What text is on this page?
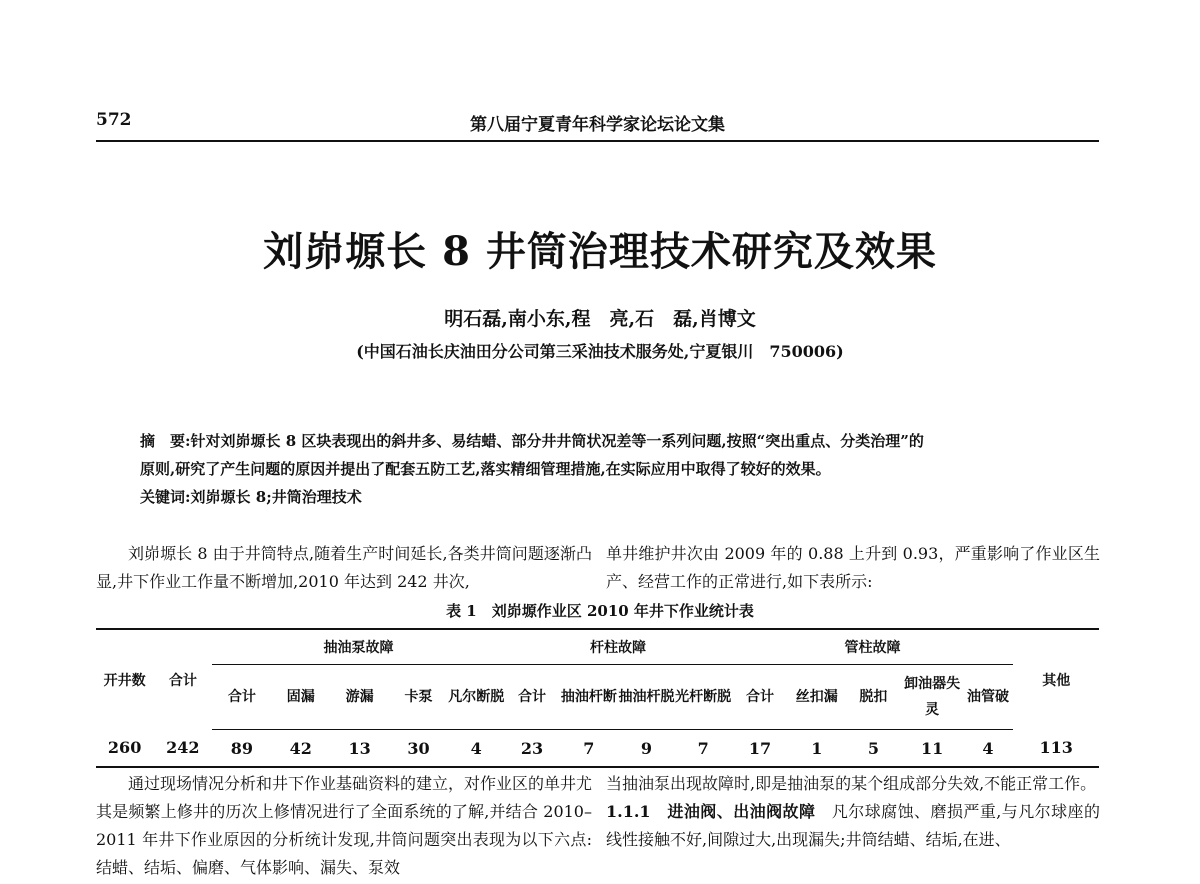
572	第八届宁夏青年科学家论坛论文集
刘峁塬长 8 井筒治理技术研究及效果
明石磊,南小东,程　亮,石　磊,肖博文
(中国石油长庆油田分公司第三采油技术服务处,宁夏银川　750006)

摘　要:针对刘峁塬长 8 区块表现出的斜井多、易结蜡、部分井井筒状况差等一系列问题,按照“突出重点、分类治理”的

原则,研究了产生问题的原因并提出了配套五防工艺,落实精细管理措施,在实际应用中取得了较好的效果。

关键词:刘峁塬长 8;井筒治理技术

刘峁塬长 8 由于井筒特点,随着生产时间延长,各类井筒问题逐渐凸显,井下作业工作量不断增加,2010 年达到 242 井次,

单井维护井次由 2009 年的 0.88 上升到 0.93，严重影响了作业区生产、经营工作的正常进行,如下表所示:

表 1　刘峁塬作业区 2010 年井下作业统计表
开井数	合计	抽油泵故障					杆柱故障				管柱故障					其他
		合计	固漏	游漏	卡泵	凡尔断脱	合计	抽油杆断	抽油杆脱	光杆断脱	合计	丝扣漏	脱扣	卸油器失灵	油管破	
260	242	89	42	13	30	4	23	7	9	7	17	1	5	11	4	113

通过现场情况分析和井下作业基础资料的建立，对作业区的单井尤其是频繁上修井的历次上修情况进行了全面系统的了解,并结合 2010–2011 年井下作业原因的分析统计发现,井筒问题突出表现为以下六点:结蜡、结垢、偏磨、气体影响、漏失、泵效

当抽油泵出现故障时,即是抽油泵的某个组成部分失效,不能正常工作。

1.1.1　进油阀、出油阀故障　凡尔球腐蚀、磨损严重,与凡尔球座的线性接触不好,间隙过大,出现漏失;井筒结蜡、结垢,在进、
